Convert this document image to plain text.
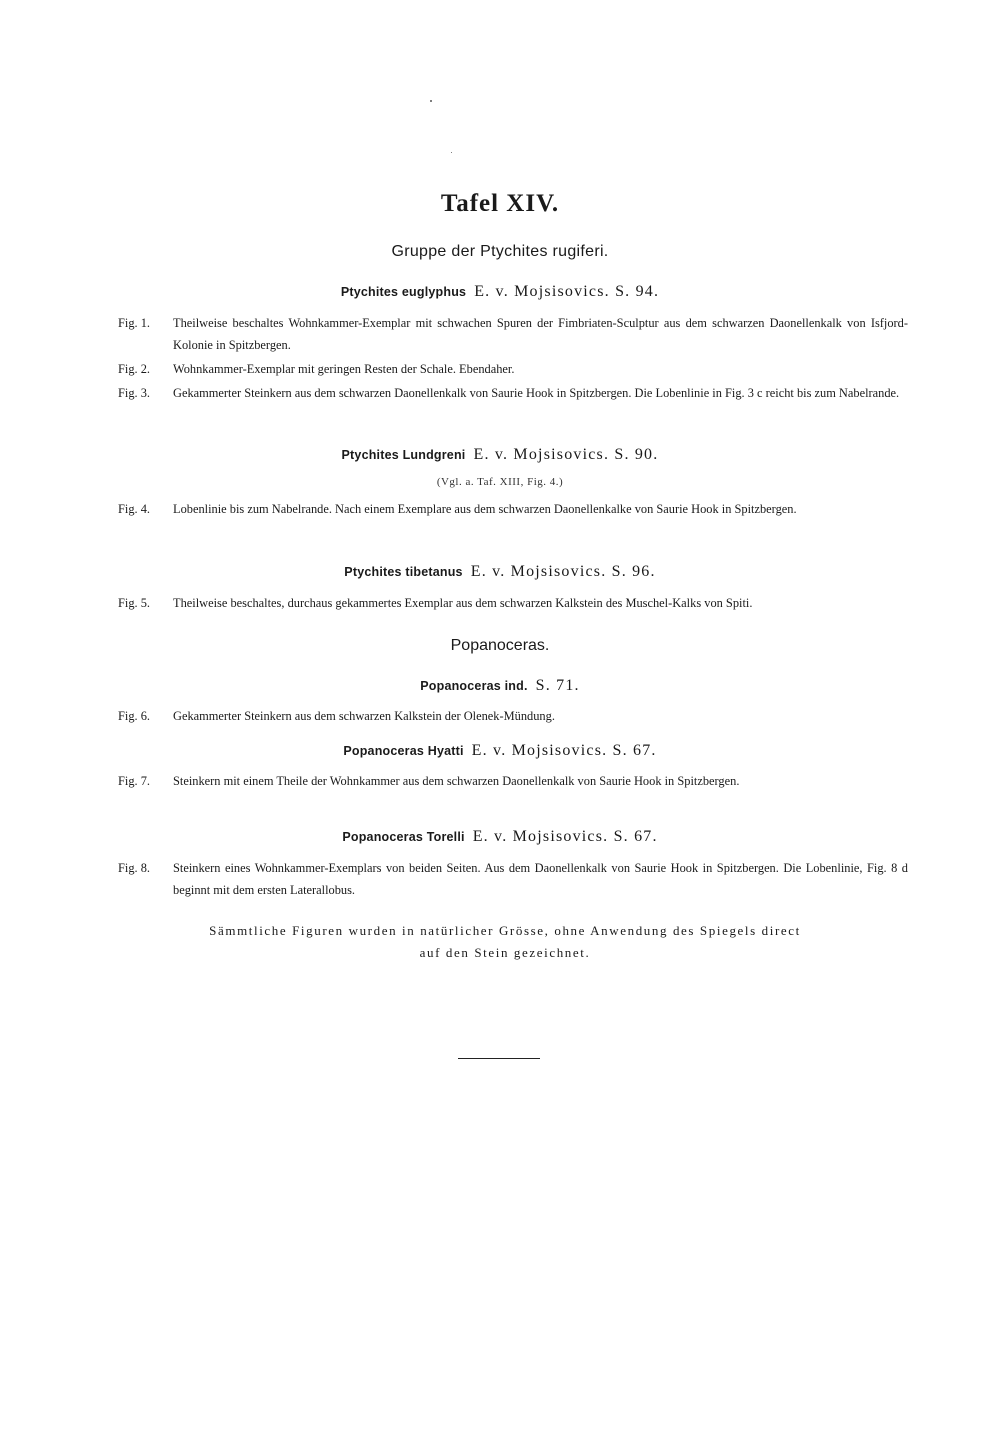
Tafel XIV.
Gruppe der Ptychites rugiferi.
Ptychites euglyphus E. v. Mojsisovics. S. 94.
Fig. 1. Theilweise beschaltes Wohnkammer-Exemplar mit schwachen Spuren der Fimbriaten-Sculptur aus dem schwarzen Daonellenkalk von Isfjord-Kolonie in Spitzbergen.
Fig. 2. Wohnkammer-Exemplar mit geringen Resten der Schale. Ebendaher.
Fig. 3. Gekammerter Steinkern aus dem schwarzen Daonellenkalk von Saurie Hook in Spitzbergen. Die Lobenlinie in Fig. 3 c reicht bis zum Nabelrande.
Ptychites Lundgreni E. v. Mojsisovics. S. 90.
(Vgl. a. Taf. XIII, Fig. 4.)
Fig. 4. Lobenlinie bis zum Nabelrande. Nach einem Exemplare aus dem schwarzen Daonellenkalke von Saurie Hook in Spitzbergen.
Ptychites tibetanus E. v. Mojsisovics. S. 96.
Fig. 5. Theilweise beschaltes, durchaus gekammertes Exemplar aus dem schwarzen Kalkstein des Muschel-Kalks von Spiti.
Popanoceras.
Popanoceras ind. S. 71.
Fig. 6. Gekammerter Steinkern aus dem schwarzen Kalkstein der Olenek-Mündung.
Popanoceras Hyatti E. v. Mojsisovics. S. 67.
Fig. 7. Steinkern mit einem Theile der Wohnkammer aus dem schwarzen Daonellenkalk von Saurie Hook in Spitzbergen.
Popanoceras Torelli E. v. Mojsisovics. S. 67.
Fig. 8. Steinkern eines Wohnkammer-Exemplars von beiden Seiten. Aus dem Daonellenkalk von Saurie Hook in Spitzbergen. Die Lobenlinie, Fig. 8 d beginnt mit dem ersten Laterallobus.
Sämmtliche Figuren wurden in natürlicher Grösse, ohne Anwendung des Spiegels direct
auf den Stein gezeichnet.
